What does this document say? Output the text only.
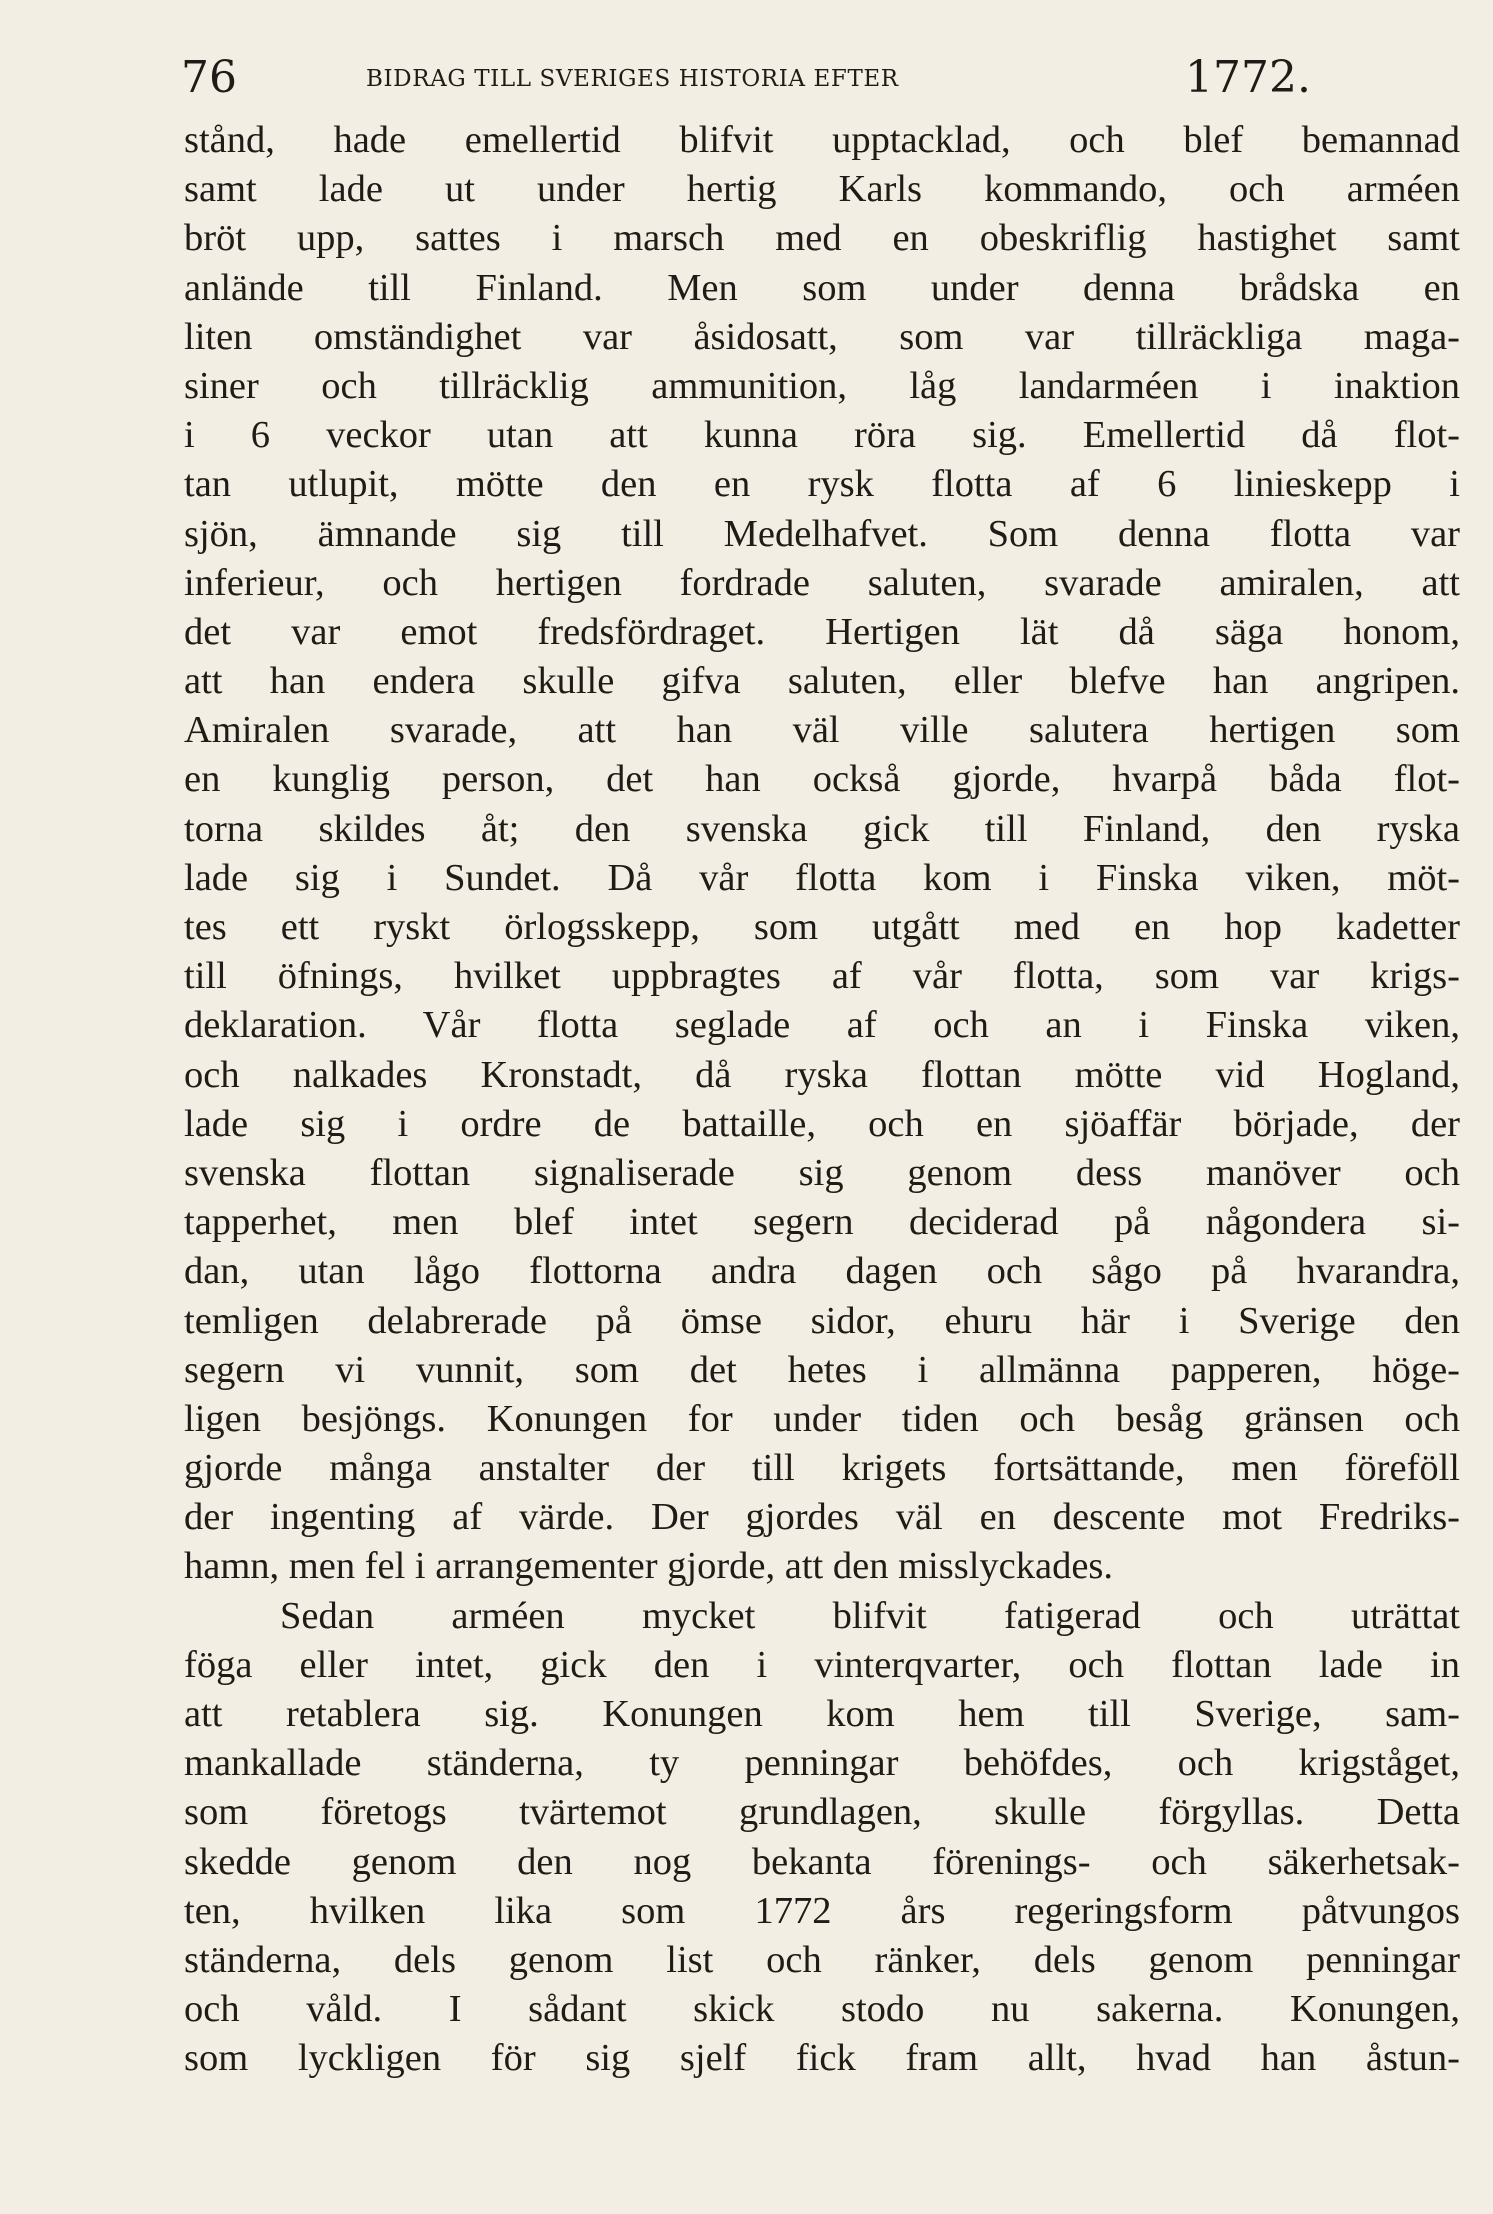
76	BIDRAG TILL SVERIGES HISTORIA EFTER	1772.
stånd, hade emellertid blifvit upptacklad, och blef bemannad
samt lade ut under hertig Karls kommando, och arméen
bröt upp, sattes i marsch med en obeskriflig hastighet samt
anlände till Finland. Men som under denna brådska en
liten omständighet var åsidosatt, som var tillräckliga maga-
siner och tillräcklig ammunition, låg landarméen i inaktion
i 6 veckor utan att kunna röra sig. Emellertid då flot-
tan utlupit, mötte den en rysk flotta af 6 linieskepp i
sjön, ämnande sig till Medelhafvet. Som denna flotta var
inferieur, och hertigen fordrade saluten, svarade amiralen, att
det var emot fredsfördraget. Hertigen lät då säga honom,
att han endera skulle gifva saluten, eller blefve han angripen.
Amiralen svarade, att han väl ville salutera hertigen som
en kunglig person, det han också gjorde, hvarpå båda flot-
torna skildes åt; den svenska gick till Finland, den ryska
lade sig i Sundet. Då vår flotta kom i Finska viken, möt-
tes ett ryskt örlogsskepp, som utgått med en hop kadetter
till öfnings, hvilket uppbragtes af vår flotta, som var krigs-
deklaration. Vår flotta seglade af och an i Finska viken,
och nalkades Kronstadt, då ryska flottan mötte vid Hogland,
lade sig i ordre de battaille, och en sjöaffär började, der
svenska flottan signaliserade sig genom dess manöver och
tapperhet, men blef intet segern deciderad på någondera si-
dan, utan lågo flottorna andra dagen och sågo på hvarandra,
temligen delabrerade på ömse sidor, ehuru här i Sverige den
segern vi vunnit, som det hetes i allmänna papperen, höge-
ligen besjöngs. Konungen for under tiden och besåg gränsen och
gjorde många anstalter der till krigets fortsättande, men föreföll
der ingenting af värde. Der gjordes väl en descente mot Fredriks-
hamn, men fel i arrangementer gjorde, att den misslyckades.
Sedan arméen mycket blifvit fatigerad och uträttat
föga eller intet, gick den i vinterqvarter, och flottan lade in
att retablera sig. Konungen kom hem till Sverige, sam-
mankallade ständerna, ty penningar behöfdes, och krigståget,
som företogs tvärtemot grundlagen, skulle förgyllas. Detta
skedde genom den nog bekanta förenings- och säkerhetsak-
ten, hvilken lika som 1772 års regeringsform påtvungos
ständerna, dels genom list och ränker, dels genom penningar
och våld. I sådant skick stodo nu sakerna. Konungen,
som lyckligen för sig sjelf fick fram allt, hvad han åstun-
